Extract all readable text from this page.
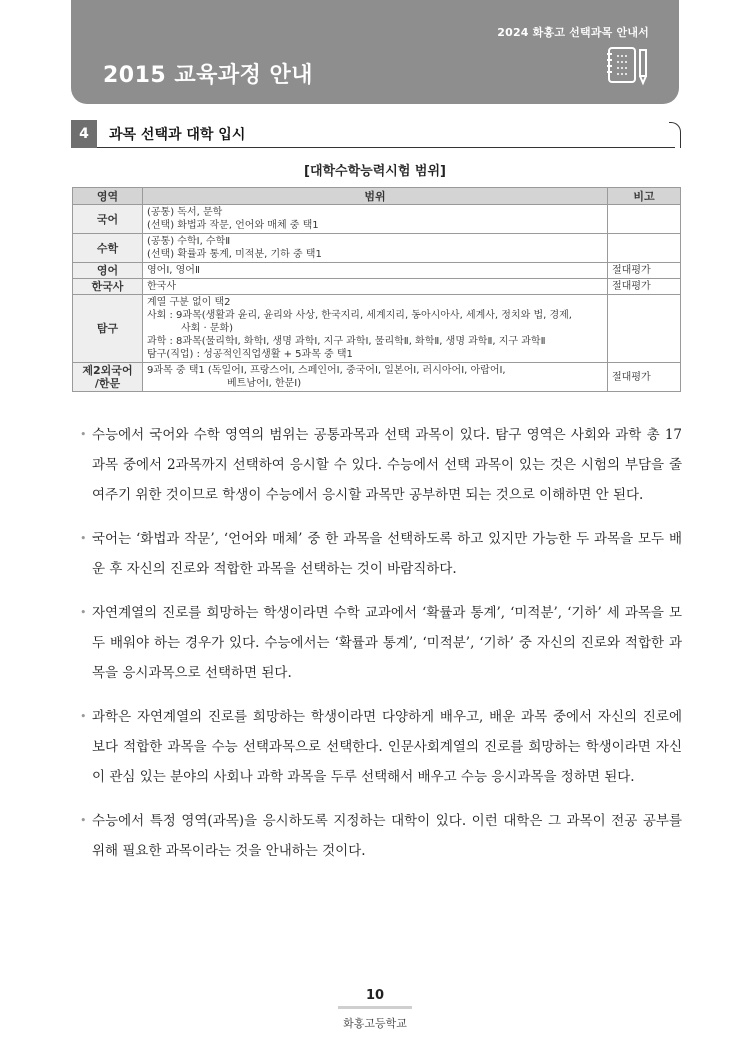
2024 화홍고 선택과목 안내서
2015 교육과정 안내
4	과목 선택과 대학 입시
[대학수학능력시험 범위]
영역	범위	비고
국어	(공통) 독서, 문학
(선택) 화법과 작문, 언어와 매체 중 택1	

수학	(공통) 수학Ⅰ, 수학Ⅱ
(선택) 확률과 통계, 미적분, 기하 중 택1	

영어	영어Ⅰ, 영어Ⅱ	절대평가
한국사	한국사	절대평가
탐구	계열 구분 없이 택2
사회 : 9과목(생활과 윤리, 윤리와 사상, 한국지리, 세계지리, 동아시아사, 세계사, 정치와 법, 경제,
사회 · 문화)
과학 : 8과목(물리학Ⅰ, 화학Ⅰ, 생명 과학Ⅰ, 지구 과학Ⅰ, 물리학Ⅱ, 화학Ⅱ, 생명 과학Ⅱ, 지구 과학Ⅱ
탐구(직업) : 성공적인직업생활 + 5과목 중 택1	

제2외국어
/한문	9과목 중 택1 (독일어Ⅰ, 프랑스어Ⅰ, 스페인어Ⅰ, 중국어Ⅰ, 일본어Ⅰ, 러시아어Ⅰ, 아랍어Ⅰ,
베트남어Ⅰ, 한문Ⅰ)	절대평가

• 수능에서 국어와 수학 영역의 범위는 공통과목과 선택 과목이 있다. 탐구 영역은 사회와 과학 총 17과목 중에서 2과목까지 선택하여 응시할 수 있다. 수능에서 선택 과목이 있는 것은 시험의 부담을 줄여주기 위한 것이므로 학생이 수능에서 응시할 과목만 공부하면 되는 것으로 이해하면 안 된다.

• 국어는 ‘화법과 작문’, ‘언어와 매체’ 중 한 과목을 선택하도록 하고 있지만 가능한 두 과목을 모두 배운 후 자신의 진로와 적합한 과목을 선택하는 것이 바람직하다.

• 자연계열의 진로를 희망하는 학생이라면 수학 교과에서 ‘확률과 통계’, ‘미적분’, ‘기하’ 세 과목을 모두 배워야 하는 경우가 있다. 수능에서는 ‘확률과 통계’, ‘미적분’, ‘기하’ 중 자신의 진로와 적합한 과목을 응시과목으로 선택하면 된다.

• 과학은 자연계열의 진로를 희망하는 학생이라면 다양하게 배우고, 배운 과목 중에서 자신의 진로에 보다 적합한 과목을 수능 선택과목으로 선택한다. 인문사회계열의 진로를 희망하는 학생이라면 자신이 관심 있는 분야의 사회나 과학 과목을 두루 선택해서 배우고 수능 응시과목을 정하면 된다.

• 수능에서 특정 영역(과목)을 응시하도록 지정하는 대학이 있다. 이런 대학은 그 과목이 전공 공부를 위해 필요한 과목이라는 것을 안내하는 것이다.

10
화홍고등학교
